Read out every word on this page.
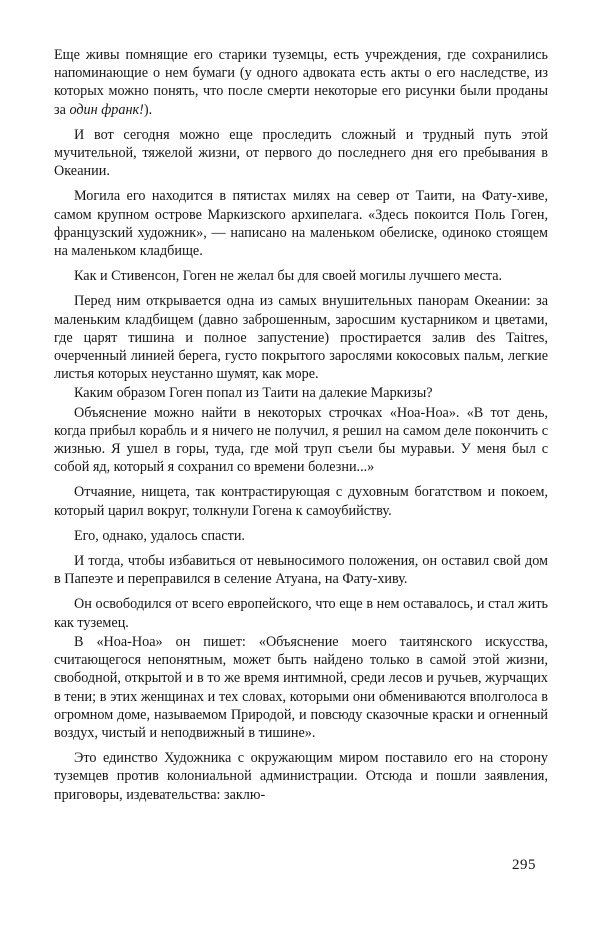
Еще живы помнящие его старики туземцы, есть учреждения, где сохранились напоминающие о нем бумаги (у одного адвоката есть акты о его наследстве, из которых можно понять, что после смерти некоторые его рисунки были проданы за один франк!).

И вот сегодня можно еще проследить сложный и трудный путь этой мучительной, тяжелой жизни, от первого до последнего дня его пребывания в Океании.

Могила его находится в пятистах милях на север от Таити, на Фату-хиве, самом крупном острове Маркизского архипелага. «Здесь покоится Поль Гоген, французский художник», — написано на маленьком обелиске, одиноко стоящем на маленьком кладбище.

Как и Стивенсон, Гоген не желал бы для своей могилы лучшего места.

Перед ним открывается одна из самых внушительных панорам Океании: за маленьким кладбищем (давно заброшенным, заросшим кустарником и цветами, где царят тишина и полное запустение) простирается залив des Taitres, очерченный линией берега, густо покрытого зарослями кокосовых пальм, легкие листья которых неустанно шумят, как море.

Каким образом Гоген попал из Таити на далекие Маркизы?

Объяснение можно найти в некоторых строчках «Ноа-Ноа». «В тот день, когда прибыл корабль и я ничего не получил, я решил на самом деле покончить с жизнью. Я ушел в горы, туда, где мой труп съели бы муравьи. У меня был с собой яд, который я сохранил со времени болезни...»

Отчаяние, нищета, так контрастирующая с духовным богатством и покоем, который царил вокруг, толкнули Гогена к самоубийству.

Его, однако, удалось спасти.

И тогда, чтобы избавиться от невыносимого положения, он оставил свой дом в Папеэте и переправился в селение Атуана, на Фату-хиву.

Он освободился от всего европейского, что еще в нем оставалось, и стал жить как туземец.

В «Ноа-Ноа» он пишет: «Объяснение моего таитянского искусства, считающегося непонятным, может быть найдено только в самой этой жизни, свободной, открытой и в то же время интимной, среди лесов и ручьев, журчащих в тени; в этих женщинах и тех словах, которыми они обмениваются вполголоса в огромном доме, называемом Природой, и повсюду сказочные краски и огненный воздух, чистый и неподвижный в тишине».

Это единство Художника с окружающим миром поставило его на сторону туземцев против колониальной администрации. Отсюда и пошли заявления, приговоры, издевательства: заклю-

295
